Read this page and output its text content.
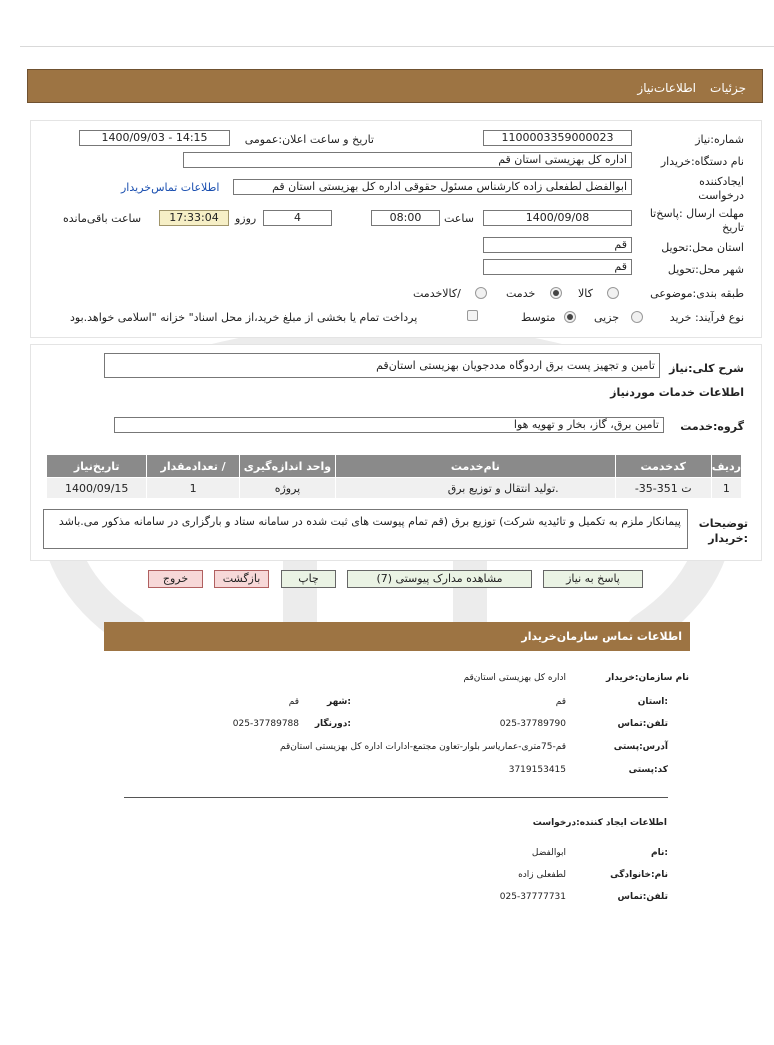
جزئیات
اطلاعات‌نیاز
شماره:نیاز
1100003359000023
تاریخ و ساعت اعلان:عمومی
1400/09/03 - 14:15
نام دستگاه:خریدار
اداره کل بهزیستی استان قم
ایجادکننده
درخواست
ابوالفضل لطفعلی زاده کارشناس مسئول حقوقی اداره کل بهزیستی استان قم
اطلاعات تماس‌خریدار
مهلت ارسال :پاسخ‌تا
تاریخ
1400/09/08
ساعت
08:00
4
روزو
17:33:04
ساعت باقی‌مانده
استان محل:تحویل
قم
شهر محل:تحویل
قم
طبقه بندی:موضوعی
کالا
خدمت
/کالاخدمت
نوع فرآیند: خرید
جزیی
متوسط
پرداخت تمام یا بخشی از مبلغ خرید،از محل اسناد" خزانه "اسلامی خواهد.بود
شرح کلی:نیاز
تامین و تجهیز پست برق اردوگاه مددجویان بهزیستی استان‌قم
اطلاعات خدمات موردنیاز
گروه:خدمت
تامین برق، گاز، بخار و تهویه هوا
ردیف	کدخدمت	نام‌خدمت	واحد اندازه‌گیری	/ تعدادمقدار	تاریخ‌نیاز
1	ت 351-35-	.تولید انتقال و توزیع برق	پروژه	1	1400/09/15
توضیحات
:خریدار
پیمانکار ملزم به تکمیل و تائیدیه شرکت) توزیع برق (قم تمام پیوست های ثبت شده در سامانه ستاد و بارگزاری در سامانه مذکور می.باشد
پاسخ به نیاز
مشاهده مدارک پیوستی (7)
چاپ
بازگشت
خروج
اطلاعات تماس سازمان‌خریدار
نام سازمان:خریدار
اداره کل بهزیستی استان‌قم
:استان
قم
:شهر
قم
تلفن:تماس
025-37789790
:دورنگار
025-37789788
آدرس:پستی
قم-75متری-عمارياسر بلوار-تعاون مجتمع-ادارات اداره کل بهزیستی استان‌قم
کد:پستی
3719153415
اطلاعات ایجاد کننده:درخواست
:نام
ابوالفضل
نام:خانوادگی
لطفعلی زاده
تلفن:تماس
025-37777731
